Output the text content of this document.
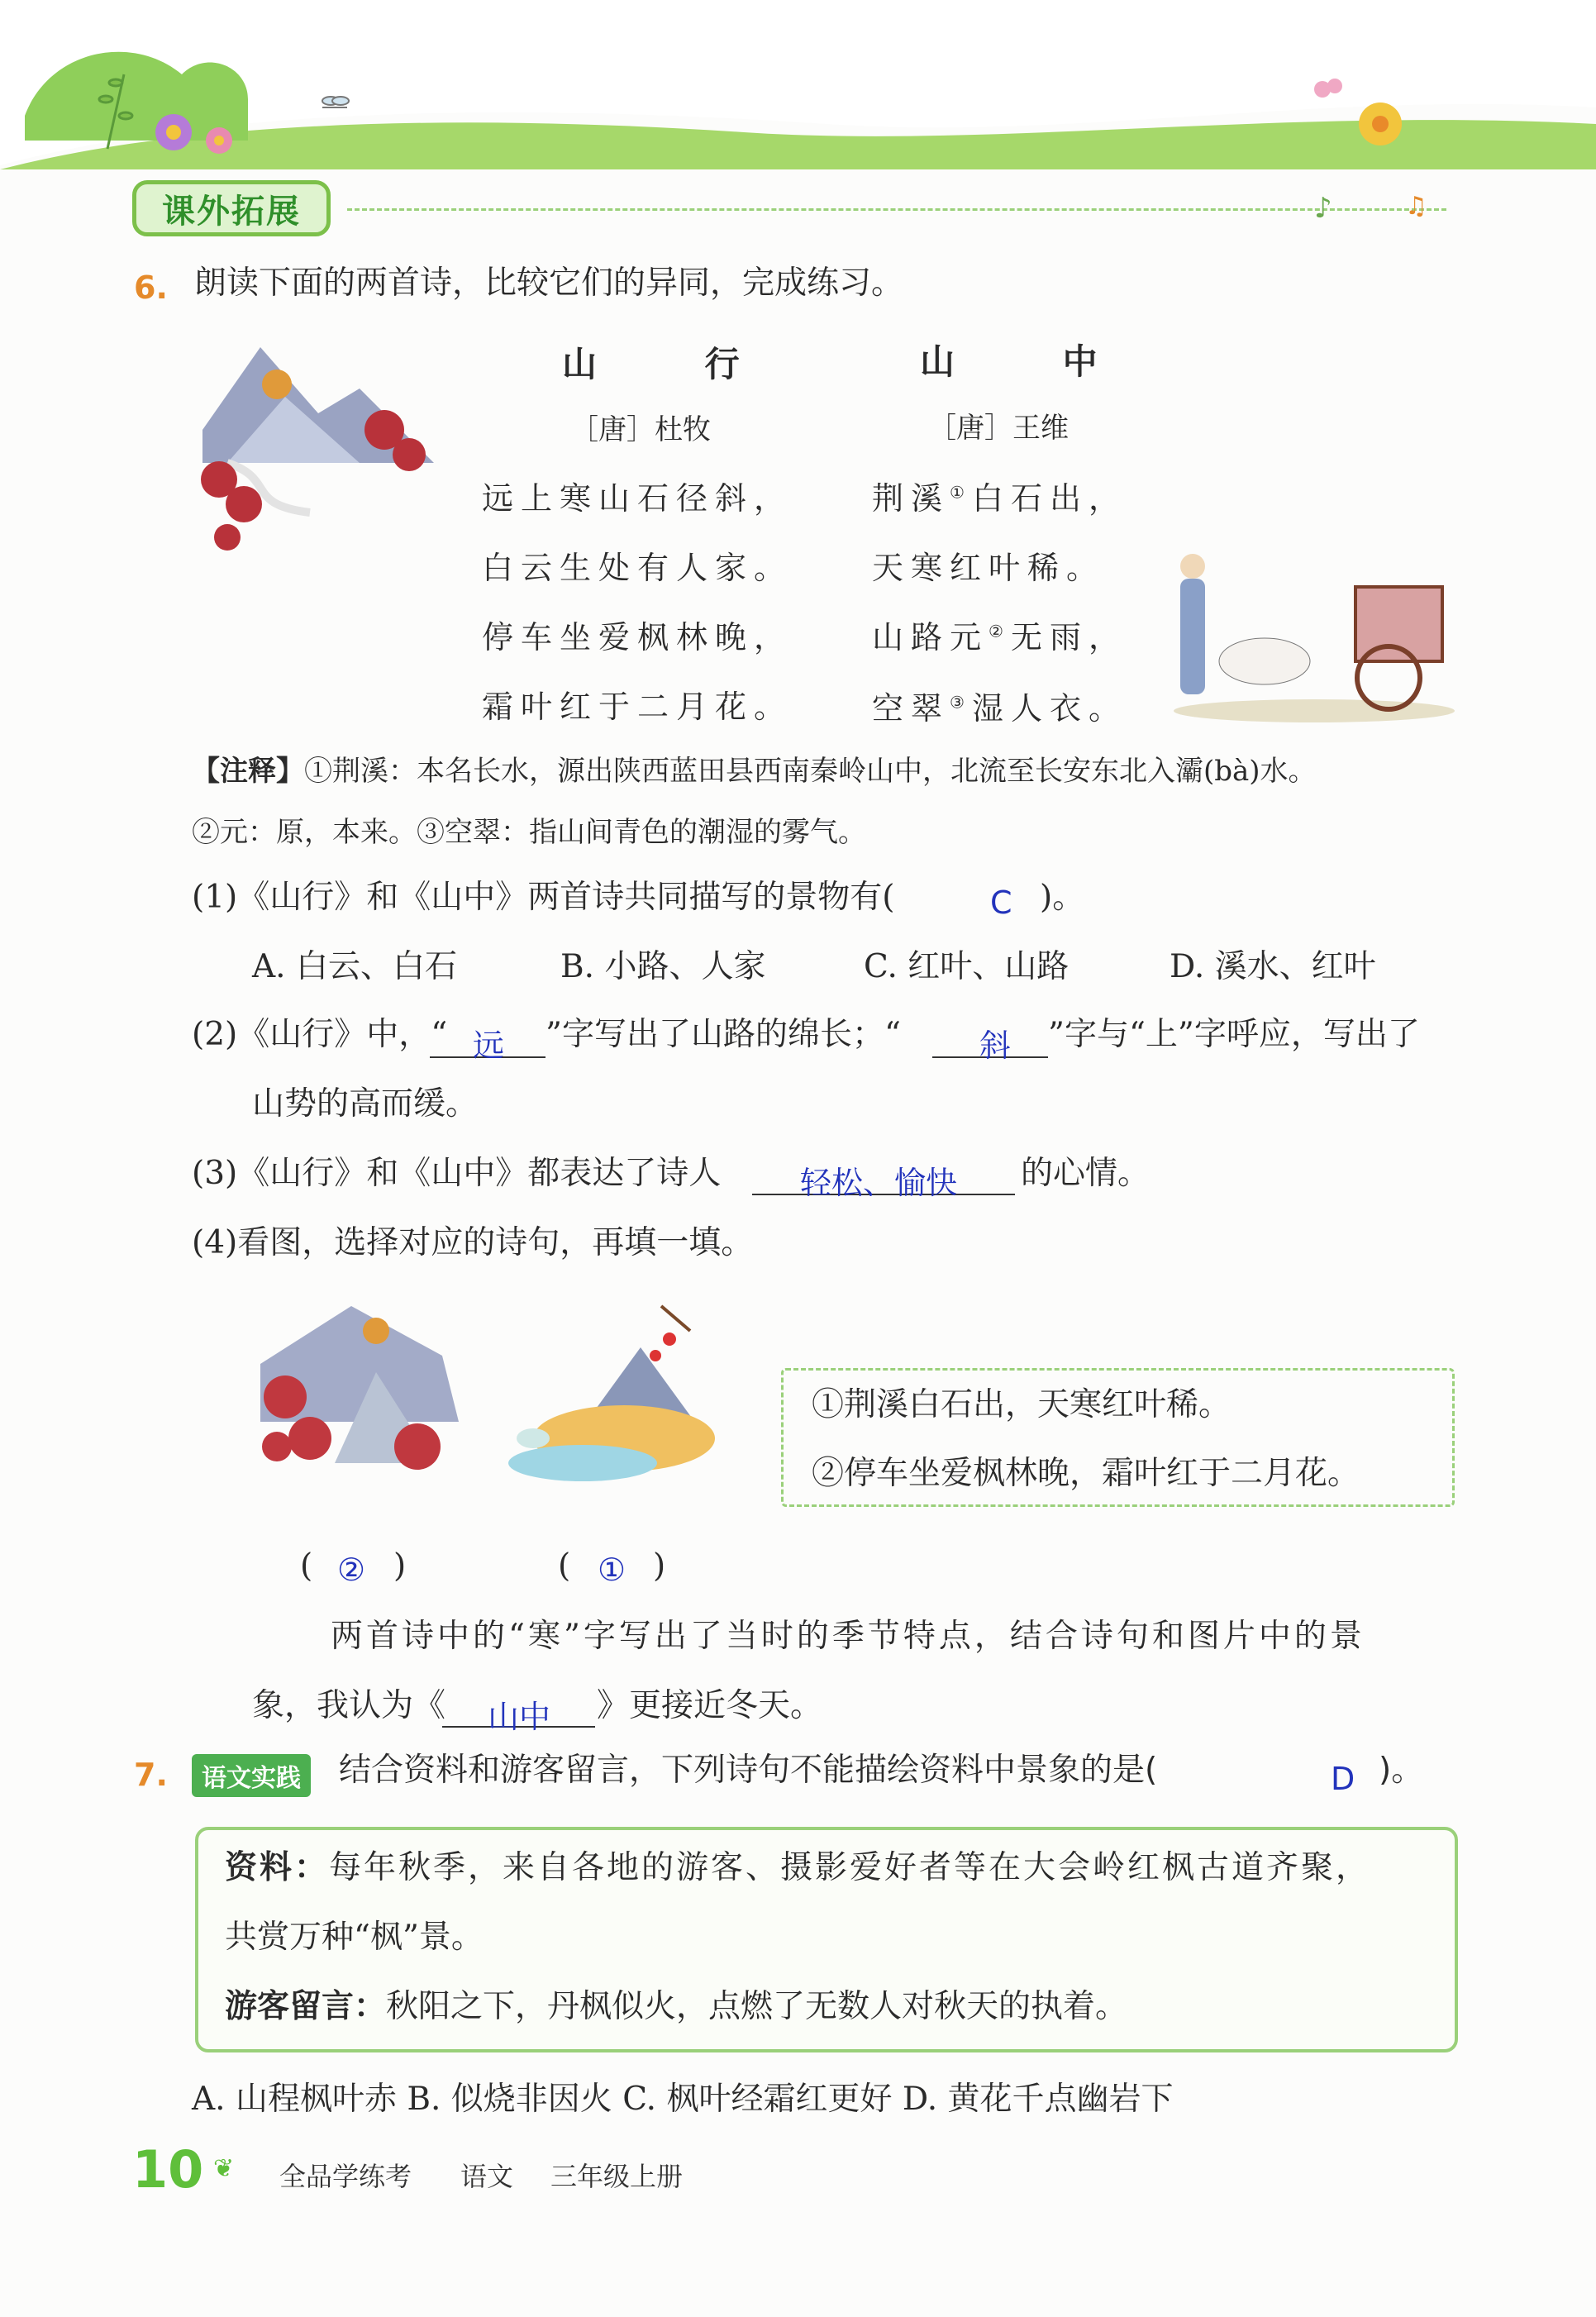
课外拓展	♪	♫
6. 朗读下面的两首诗，比较它们的异同，完成练习。
山 行
［唐］杜牧
远上寒山石径斜，
白云生处有人家。
停车坐爱枫林晚，
霜叶红于二月花。
山 中
［唐］王维
荆溪①白石出，
天寒红叶稀。
山路元②无雨，
空翠③湿人衣。
【注释】①荆溪：本名长水，源出陕西蓝田县西南秦岭山中，北流至长安东北入灞(bà)水。
②元：原，本来。③空翠：指山间青色的潮湿的雾气。
(1)《山行》和《山中》两首诗共同描写的景物有(	C )。
A. 白云、白石	B. 小路、人家	C. 红叶、山路	D. 溪水、红叶
(2)《山行》中，“ 远 ”字写出了山路的绵长；“	斜 ”字与“上”字呼应，写出了
山势的高而缓。
(3)《山行》和《山中》都表达了诗人	轻松、愉快 的心情。
(4)看图，选择对应的诗句，再填一填。
( ② )	( ① )
①荆溪白石出，天寒红叶稀。
②停车坐爱枫林晚，霜叶红于二月花。
两首诗中的“寒”字写出了当时的季节特点，结合诗句和图片中的景
象，我认为《 山中 》更接近冬天。
7.	语文实践	结合资料和游客留言，下列诗句不能描绘资料中景象的是(	D )。
资料：每年秋季，来自各地的游客、摄影爱好者等在大会岭红枫古道齐聚，
共赏万种“枫”景。
游客留言：秋阳之下，丹枫似火，点燃了无数人对秋天的执着。
A. 山程枫叶赤 B. 似烧非因火 C. 枫叶经霜红更好 D. 黄花千点幽岩下
10 ❦ 全品学练考 语文 三年级上册
